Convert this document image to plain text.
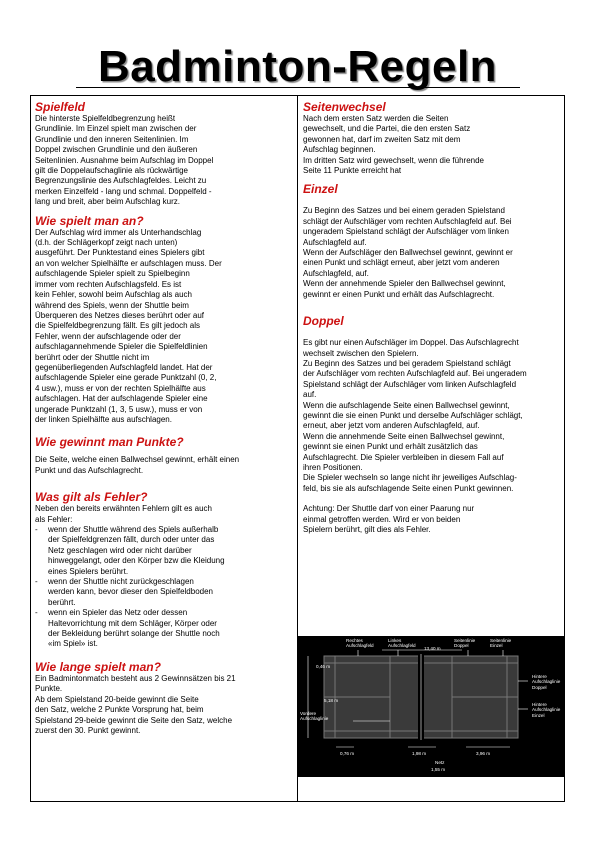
Badminton-Regeln
Spielfeld

Die hinterste Spielfeldbegrenzung heißt
Grundlinie. Im Einzel spielt man zwischen der
Grundlinie und den inneren Seitenlinien. Im
Doppel zwischen Grundlinie und den äußeren
Seitenlinien. Ausnahme beim Aufschlag im Doppel
gilt die Doppelaufschaglinie als rückwärtige
Begrenzungslinie des Aufschlagfeldes. Leicht zu
merken Einzelfeld - lang und schmal. Doppelfeld -
lang und breit, aber beim Aufschlag kurz.

Wie spielt man an?

Der Aufschlag wird immer als Unterhandschlag
(d.h. der Schlägerkopf zeigt nach unten)
ausgeführt. Der Punktestand eines Spielers gibt
an von welcher Spielhälfte er aufschlagen muss. Der
aufschlagende Spieler spielt zu Spielbeginn
immer vom rechten Aufschlagsfeld. Es ist
kein Fehler, sowohl beim Aufschlag als auch
während des Spiels, wenn der Shuttle beim
Überqueren des Netzes dieses berührt oder auf
die Spielfeldbegrenzung fällt. Es gilt jedoch als
Fehler, wenn der aufschlagende oder der
aufschlagannehmende Spieler die Spielfeldlinien
berührt oder der Shuttle nicht im
gegenüberliegenden Aufschlagfeld landet. Hat der
aufschlagende Spieler eine gerade Punktzahl (0, 2,
4 usw.), muss er von der rechten Spielhälfte aus
aufschlagen. Hat der aufschlagende Spieler eine
ungerade Punktzahl (1, 3, 5 usw.), muss er von
der linken Spielhälfte aus aufschlagen.

Wie gewinnt man Punkte?

Die Seite, welche einen Ballwechsel gewinnt, erhält einen
Punkt und das Aufschlagrecht.

Was gilt als Fehler?

Neben den bereits erwähnten Fehlern gilt es auch
als Fehler:

- wenn der Shuttle während des Spiels außerhalb
der Spielfeldgrenzen fällt, durch oder unter das
Netz geschlagen wird oder nicht darüber
hinweggelangt, oder den Körper bzw die Kleidung
eines Spielers berührt.
- wenn der Shuttle nicht zurückgeschlagen
werden kann, bevor dieser den Spielfeldboden
berührt.
- wenn ein Spieler das Netz oder dessen
Haltevorrichtung mit dem Schläger, Körper oder
der Bekleidung berührt solange der Shuttle noch
«im Spiel» ist.
Wie lange spielt man?

Ein Badmintonmatch besteht aus 2 Gewinnsätzen bis 21
Punkte.
Ab dem Spielstand 20-beide gewinnt die Seite
den Satz, welche 2 Punkte Vorsprung hat, beim
Spielstand 29-beide gewinnt die Seite den Satz, welche
zuerst den 30. Punkt gewinnt.

Seitenwechsel

Nach dem ersten Satz werden die Seiten
gewechselt, und die Partei, die den ersten Satz
gewonnen hat, darf im zweiten Satz mit dem
Aufschlag beginnen.
Im dritten Satz wird gewechselt, wenn die führende
Seite 11 Punkte erreicht hat

Einzel

Zu Beginn des Satzes und bei einem geraden Spielstand
schlägt der Aufschläger vom rechten Aufschlagfeld auf. Bei
ungeradem Spielstand schlägt der Aufschläger vom linken
Aufschlagfeld auf.
Wenn der Aufschläger den Ballwechsel gewinnt, gewinnt er
einen Punkt und schlägt erneut, aber jetzt vom anderen
Aufschlagfeld, auf.
Wenn der annehmende Spieler den Ballwechsel gewinnt,
gewinnt er einen Punkt und erhält das Aufschlagrecht.

Doppel

Es gibt nur einen Aufschläger im Doppel. Das Aufschlagrecht
wechselt zwischen den Spielern.
Zu Beginn des Satzes und bei geradem Spielstand schlägt
der Aufschläger vom rechten Aufschlagfeld auf. Bei ungeradem
Spielstand schlägt der Aufschläger vom linken Aufschlagfeld
auf.
Wenn die aufschlagende Seite einen Ballwechsel gewinnt,
gewinnt die sie einen Punkt und derselbe Aufschläger schlägt,
erneut, aber jetzt vom anderen Aufschlagfeld, auf.
Wenn die annehmende Seite einen Ballwechsel gewinnt,
gewinnt sie einen Punkt und erhält zusätzlich das
Aufschlagrecht. Die Spieler verbleiben in diesem Fall auf
ihren Positionen.
Die Spieler wechseln so lange nicht ihr jeweiliges Aufschlag-
feld, bis sie als aufschlagende Seite einen Punkt gewinnen.

Achtung: Der Shuttle darf von einer Paarung nur
einmal getroffen werden. Wird er von beiden
Spielern berührt, gilt dies als Fehler.

Rechtes
Aufschlagfeld
Linkes
Aufschlagfeld
13,40 m
Seitenlinie
Doppel
Seitenlinie
Einzel
0,46 m
5,18 m
Vordere
Aufschlaglinie
Hintere
Aufschlaglinie
Doppel
Hintere
Aufschlaglinie
Einzel
0,76 m	1,98 m	3,96 m
Netz
1,55 m
